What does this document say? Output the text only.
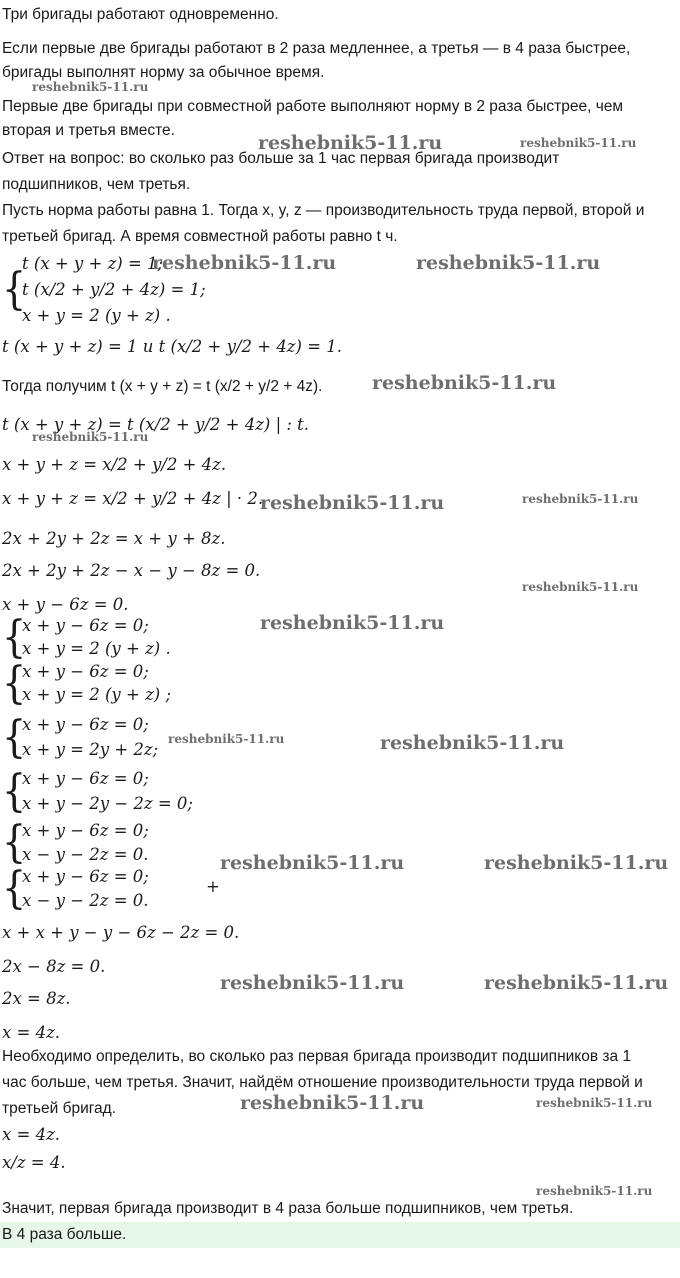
Три бригады работают одновременно.
Если первые две бригады работают в 2 раза медленнее, а третья — в 4 раза быстрее,
бригады выполнят норму за обычное время.
Первые две бригады при совместной работе выполняют норму в 2 раза быстрее, чем
вторая и третья вместе.
Ответ на вопрос: во сколько раз больше за 1 час первая бригада производит
подшипников, чем третья.
Пусть норма работы равна 1. Тогда x, y, z — производительность труда первой, второй и
третьей бригад. А время совместной работы равно t ч.
{
t (x + y + z) = 1;
t (x/2 + y/2 + 4z) = 1;
x + y = 2 (y + z) .
t (x + y + z) = 1 и t (x/2 + y/2 + 4z) = 1.
Тогда получим t (x + y + z) = t (x/2 + y/2 + 4z).
t (x + y + z) = t (x/2 + y/2 + 4z) | : t.
x + y + z = x/2 + y/2 + 4z.
x + y + z = x/2 + y/2 + 4z | · 2.
2x + 2y + 2z = x + y + 8z.
2x + 2y + 2z − x − y − 8z = 0.
x + y − 6z = 0.
{
x + y − 6z = 0;
x + y = 2 (y + z) .
{
x + y − 6z = 0;
x + y = 2 (y + z) ;
{
x + y − 6z = 0;
x + y = 2y + 2z;
{
x + y − 6z = 0;
x + y − 2y − 2z = 0;
{
x + y − 6z = 0;
x − y − 2z = 0.
{
x + y − 6z = 0;
x − y − 2z = 0.
+
x + x + y − y − 6z − 2z = 0.
2x − 8z = 0.
2x = 8z.
x = 4z.
Необходимо определить, во сколько раз первая бригада производит подшипников за 1
час больше, чем третья. Значит, найдём отношение производительности труда первой и
третьей бригад.
x = 4z.
x/z = 4.
Значит, первая бригада производит в 4 раза больше подшипников, чем третья.
В 4 раза больше.
reshebnik5-11.ru
reshebnik5-11.ru	reshebnik5-11.ru
reshebnik5-11.ru	reshebnik5-11.ru
reshebnik5-11.ru
reshebnik5-11.ru
reshebnik5-11.ru	reshebnik5-11.ru
reshebnik5-11.ru
reshebnik5-11.ru
reshebnik5-11.ru	reshebnik5-11.ru
reshebnik5-11.ru	reshebnik5-11.ru
reshebnik5-11.ru	reshebnik5-11.ru
reshebnik5-11.ru	reshebnik5-11.ru
reshebnik5-11.ru
